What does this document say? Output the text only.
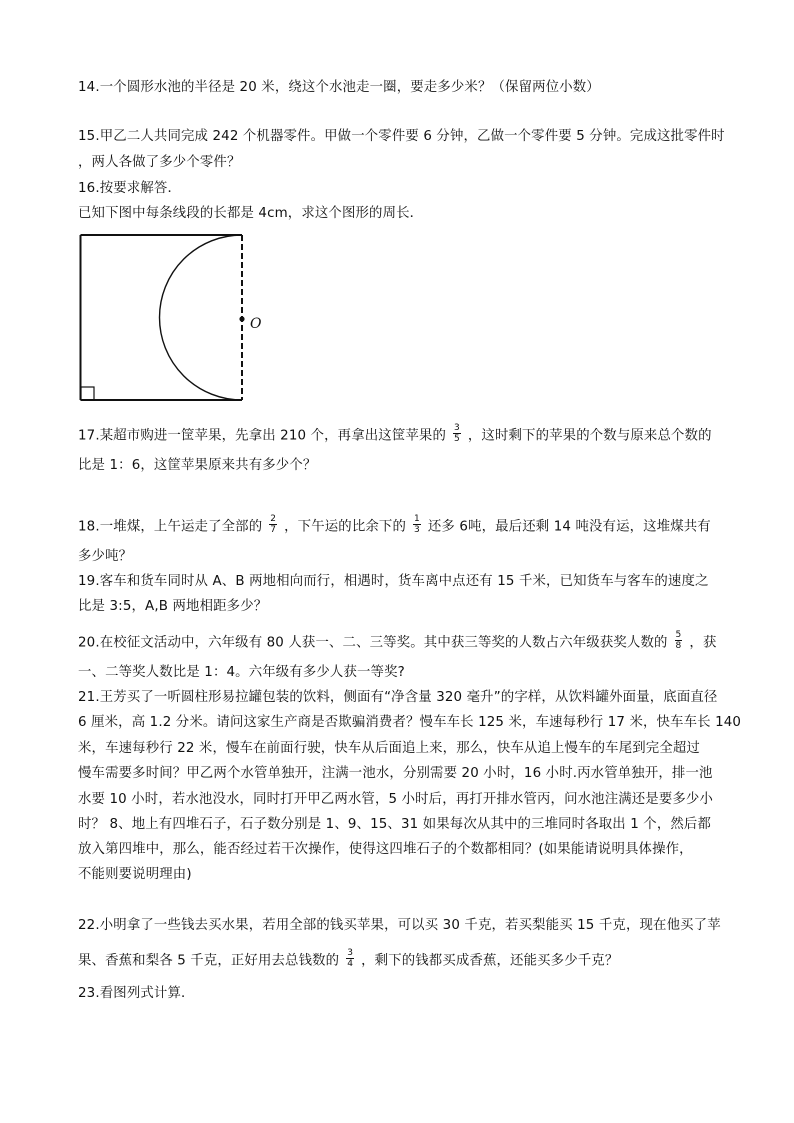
14.一个圆形水池的半径是 20 米，绕这个水池走一圈，要走多少米？（保留两位小数）
15.甲乙二人共同完成 242 个机器零件。甲做一个零件要 6 分钟，乙做一个零件要 5 分钟。完成这批零件时
，两人各做了多少个零件？
16.按要求解答．
已知下图中每条线段的长都是 4cm，求这个图形的周长．
O
17.某超市购进一筐苹果，先拿出 210 个，再拿出这筐苹果的 $\frac{3}{5}$ ，这时剩下的苹果的个数与原来总个数的
比是 1：6，这筐苹果原来共有多少个？
18.一堆煤，上午运走了全部的 $\frac{2}{7}$ ，下午运的比余下的 $\frac{1}{3}$ 还多 6吨，最后还剩 14 吨没有运，这堆煤共有
多少吨？
19.客车和货车同时从 A、B 两地相向而行，相遇时，货车离中点还有 15 千米，已知货车与客车的速度之
比是 3:5，A,B 两地相距多少？
20.在校征文活动中，六年级有 80 人获一、二、三等奖。其中获三等奖的人数占六年级获奖人数的 $\frac{5}{8}$ ，获
一、二等奖人数比是 1：4。六年级有多少人获一等奖?
21.王芳买了一听圆柱形易拉罐包装的饮料，侧面有“净含量 320 毫升”的字样，从饮料罐外面量，底面直径
6 厘米，高 1.2 分米。请问这家生产商是否欺骗消费者？慢车车长 125 米，车速每秒行 17 米，快车车长 140
米，车速每秒行 22 米，慢车在前面行驶，快车从后面追上来，那么，快车从追上慢车的车尾到完全超过
慢车需要多时间？甲乙两个水管单独开，注满一池水，分别需要 20 小时，16 小时.丙水管单独开，排一池
水要 10 小时，若水池没水，同时打开甲乙两水管，5 小时后，再打开排水管丙，问水池注满还是要多少小
时？ 8、地上有四堆石子，石子数分别是 1、9、15、31 如果每次从其中的三堆同时各取出 1 个，然后都
放入第四堆中，那么，能否经过若干次操作，使得这四堆石子的个数都相同？(如果能请说明具体操作，
不能则要说明理由)
22.小明拿了一些钱去买水果，若用全部的钱买苹果，可以买 30 千克，若买梨能买 15 千克，现在他买了苹
果、香蕉和梨各 5 千克，正好用去总钱数的 $\frac{3}{4}$ ，剩下的钱都买成香蕉，还能买多少千克？
23.看图列式计算．
